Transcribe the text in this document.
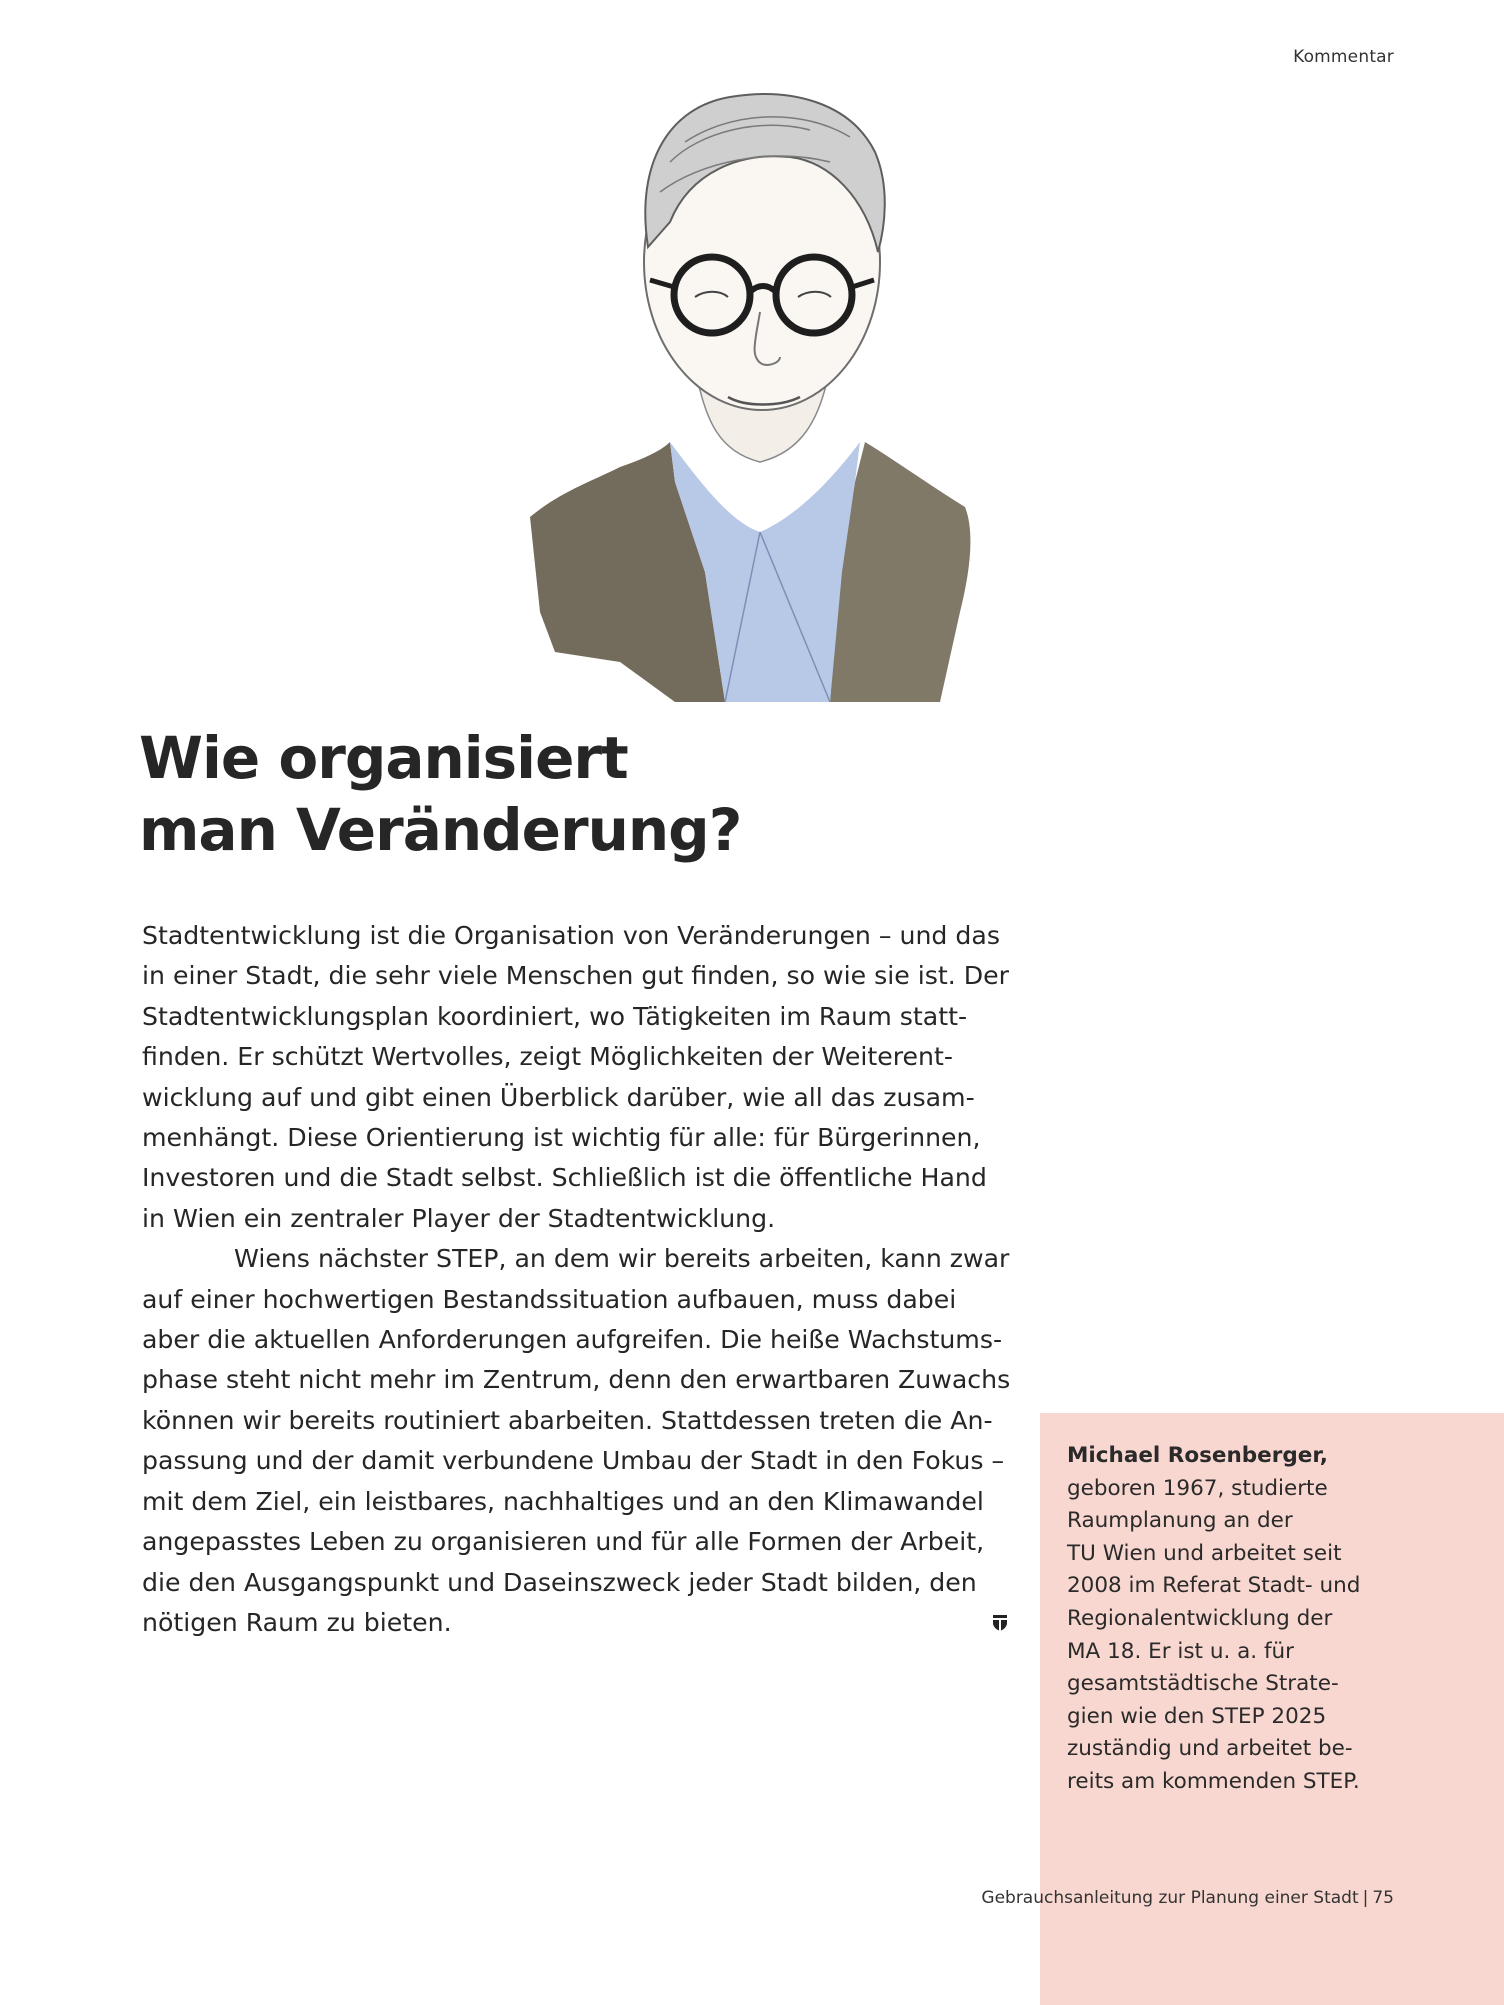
Kommentar
Wie organisiert
man Veränderung?
Stadtentwicklung ist die Organisation von Veränderungen – und das
in einer Stadt, die sehr viele Menschen gut finden, so wie sie ist. Der
Stadtentwicklungsplan koordiniert, wo Tätigkeiten im Raum statt-
finden. Er schützt Wertvolles, zeigt Möglichkeiten der Weiterent-
wicklung auf und gibt einen Überblick darüber, wie all das zusam-
menhängt. Diese Orientierung ist wichtig für alle: für Bürgerinnen,
Investoren und die Stadt selbst. Schließlich ist die öffentliche Hand
in Wien ein zentraler Player der Stadtentwicklung.
Wiens nächster STEP, an dem wir bereits arbeiten, kann zwar
auf einer hochwertigen Bestandssituation aufbauen, muss dabei
aber die aktuellen Anforderungen aufgreifen. Die heiße Wachstums-
phase steht nicht mehr im Zentrum, denn den erwartbaren Zuwachs
können wir bereits routiniert abarbeiten. Stattdessen treten die An-
passung und der damit verbundene Umbau der Stadt in den Fokus –
mit dem Ziel, ein leistbares, nachhaltiges und an den Klimawandel
angepasstes Leben zu organisieren und für alle Formen der Arbeit,
die den Ausgangspunkt und Daseinszweck jeder Stadt bilden, den
nötigen Raum zu bieten.
Michael Rosenberger,
geboren 1967, studierte
Raumplanung an der
TU Wien und arbeitet seit
2008 im Referat Stadt- und
Regionalentwicklung der
MA 18. Er ist u. a. für
gesamtstädtische Strate-
gien wie den STEP 2025
zuständig und arbeitet be-
reits am kommenden STEP.
Gebrauchsanleitung zur Planung einer Stadt | 75
